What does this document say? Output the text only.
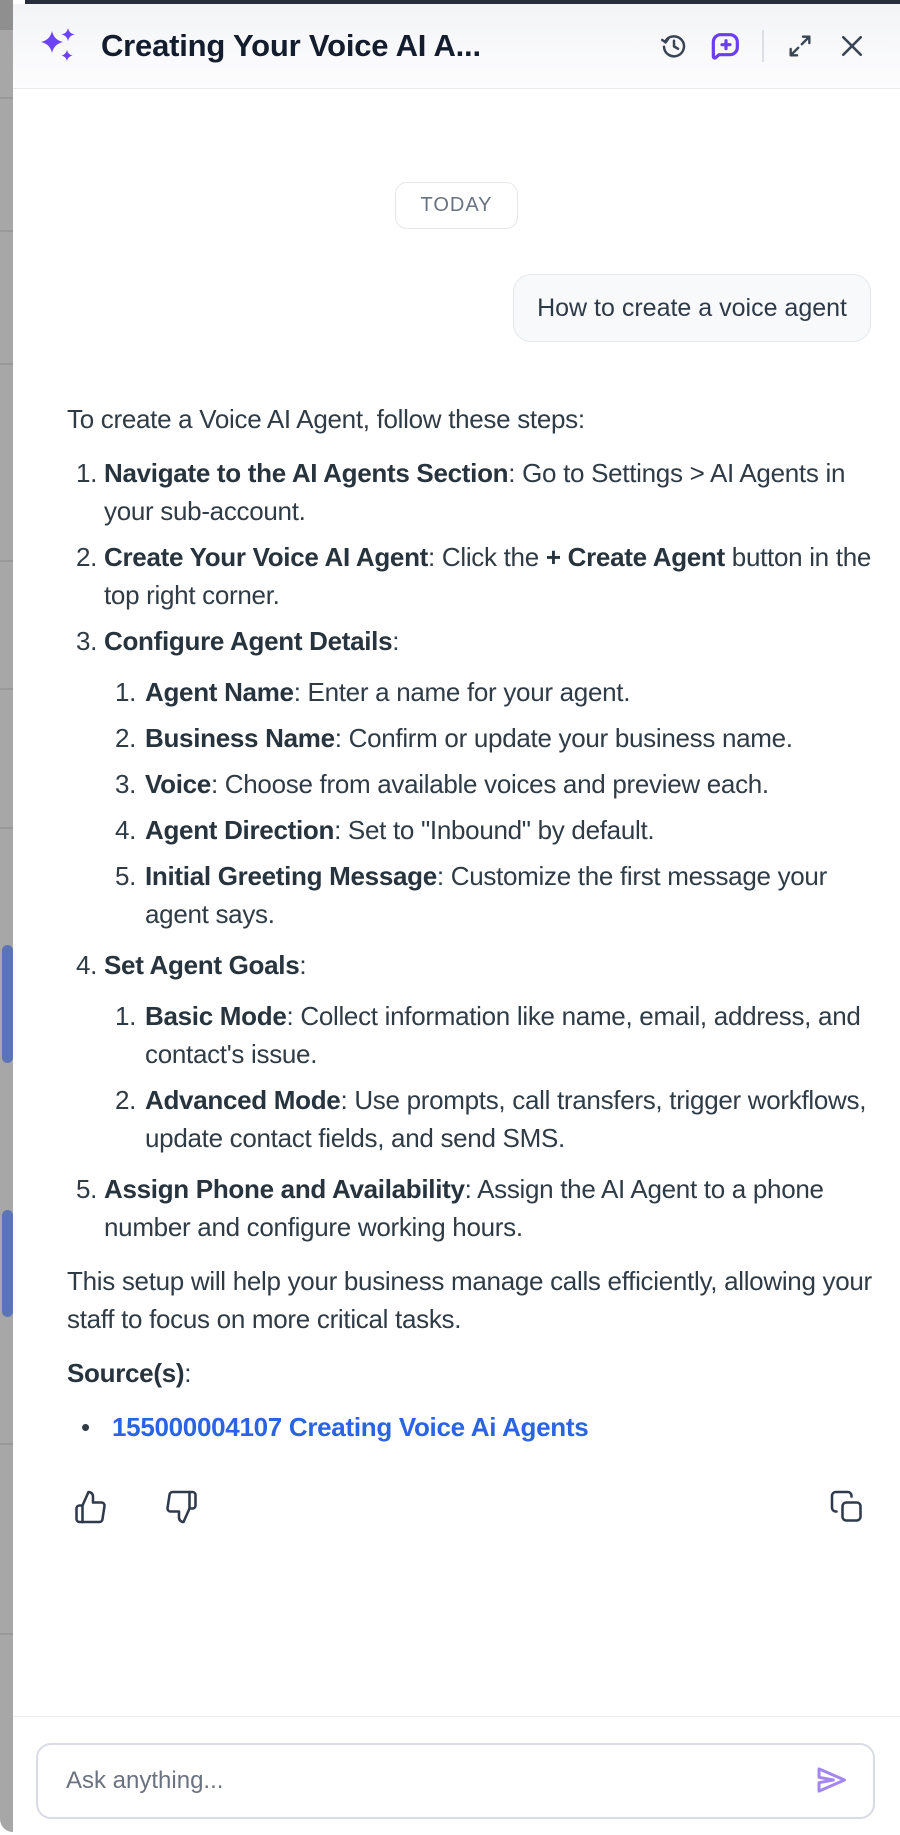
Creating Your Voice AI A...
TODAY
How to create a voice agent

To create a Voice AI Agent, follow these steps:

Navigate to the AI Agents Section: Go to Settings > AI Agents in your sub-account.
Create Your Voice AI Agent: Click the + Create Agent button in the top right corner.
Configure Agent Details:
Agent Name: Enter a name for your agent.
Business Name: Confirm or update your business name.
Voice: Choose from available voices and preview each.
Agent Direction: Set to "Inbound" by default.
Initial Greeting Message: Customize the first message your agent says.
Set Agent Goals:
Basic Mode: Collect information like name, email, address, and contact's issue.
Advanced Mode: Use prompts, call transfers, trigger workflows, update contact fields, and send SMS.
Assign Phone and Availability: Assign the AI Agent to a phone number and configure working hours.

This setup will help your business manage calls efficiently, allowing your staff to focus on more critical tasks.

Source(s):

• 155000004107 Creating Voice Ai Agents
Ask anything...
